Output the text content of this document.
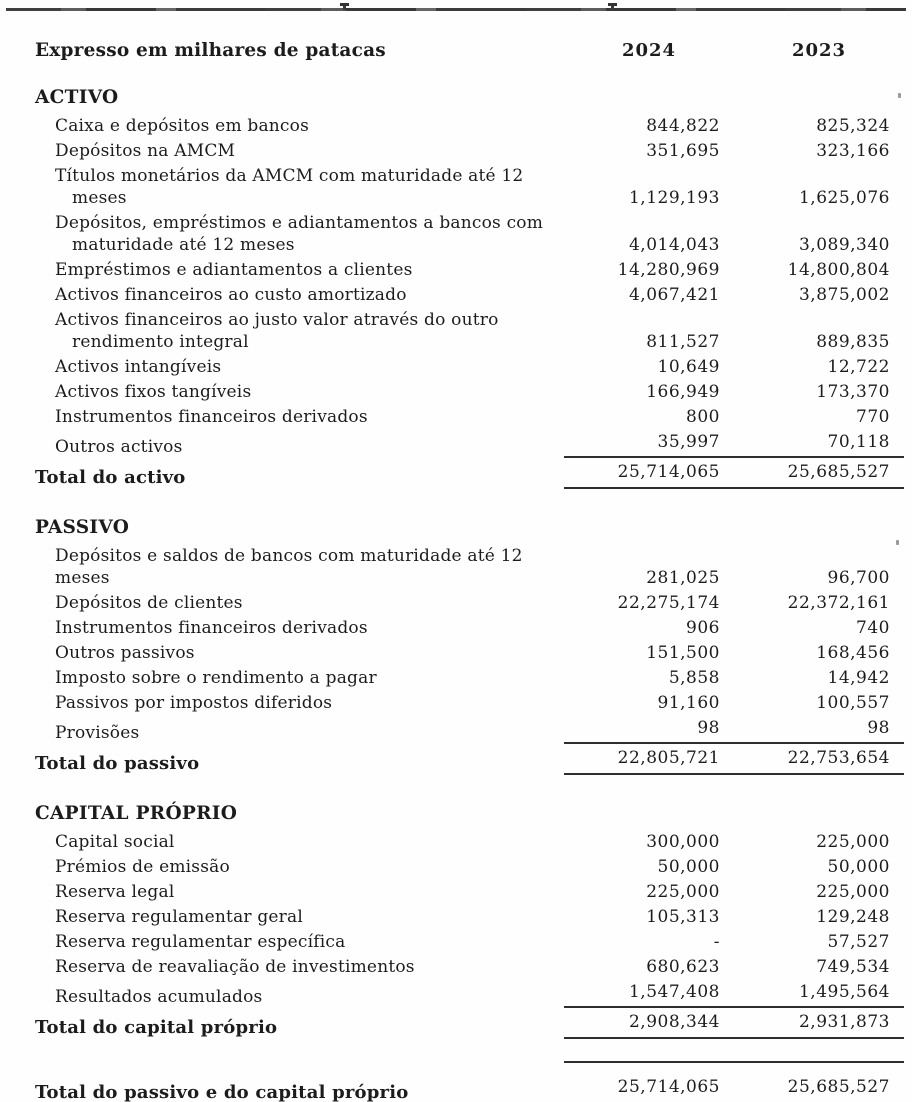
Expresso em milhares de patacas	2024	2023
ACTIVO
Caixa e depósitos em bancos	844,822	825,324
Depósitos na AMCM	351,695	323,166
Títulos monetários da AMCM com maturidade até 12
meses	1,129,193	1,625,076
Depósitos, empréstimos e adiantamentos a bancos com
maturidade até 12 meses	4,014,043	3,089,340
Empréstimos e adiantamentos a clientes	14,280,969	14,800,804
Activos financeiros ao custo amortizado	4,067,421	3,875,002
Activos financeiros ao justo valor através do outro
rendimento integral	811,527	889,835
Activos intangíveis	10,649	12,722
Activos fixos tangíveis	166,949	173,370
Instrumentos financeiros derivados	800	770
Outros activos	35,997	70,118
Total do activo	25,714,065	25,685,527
PASSIVO
Depósitos e saldos de bancos com maturidade até 12 meses	281,025	96,700
Depósitos de clientes	22,275,174	22,372,161
Instrumentos financeiros derivados	906	740
Outros passivos	151,500	168,456
Imposto sobre o rendimento a pagar	5,858	14,942
Passivos por impostos diferidos	91,160	100,557
Provisões	98	98
Total do passivo	22,805,721	22,753,654
CAPITAL PRÓPRIO
Capital social	300,000	225,000
Prémios de emissão	50,000	50,000
Reserva legal	225,000	225,000
Reserva regulamentar geral	105,313	129,248
Reserva regulamentar específica	-	57,527
Reserva de reavaliação de investimentos	680,623	749,534
Resultados acumulados	1,547,408	1,495,564
Total do capital próprio	2,908,344	2,931,873
Total do passivo e do capital próprio	25,714,065	25,685,527
